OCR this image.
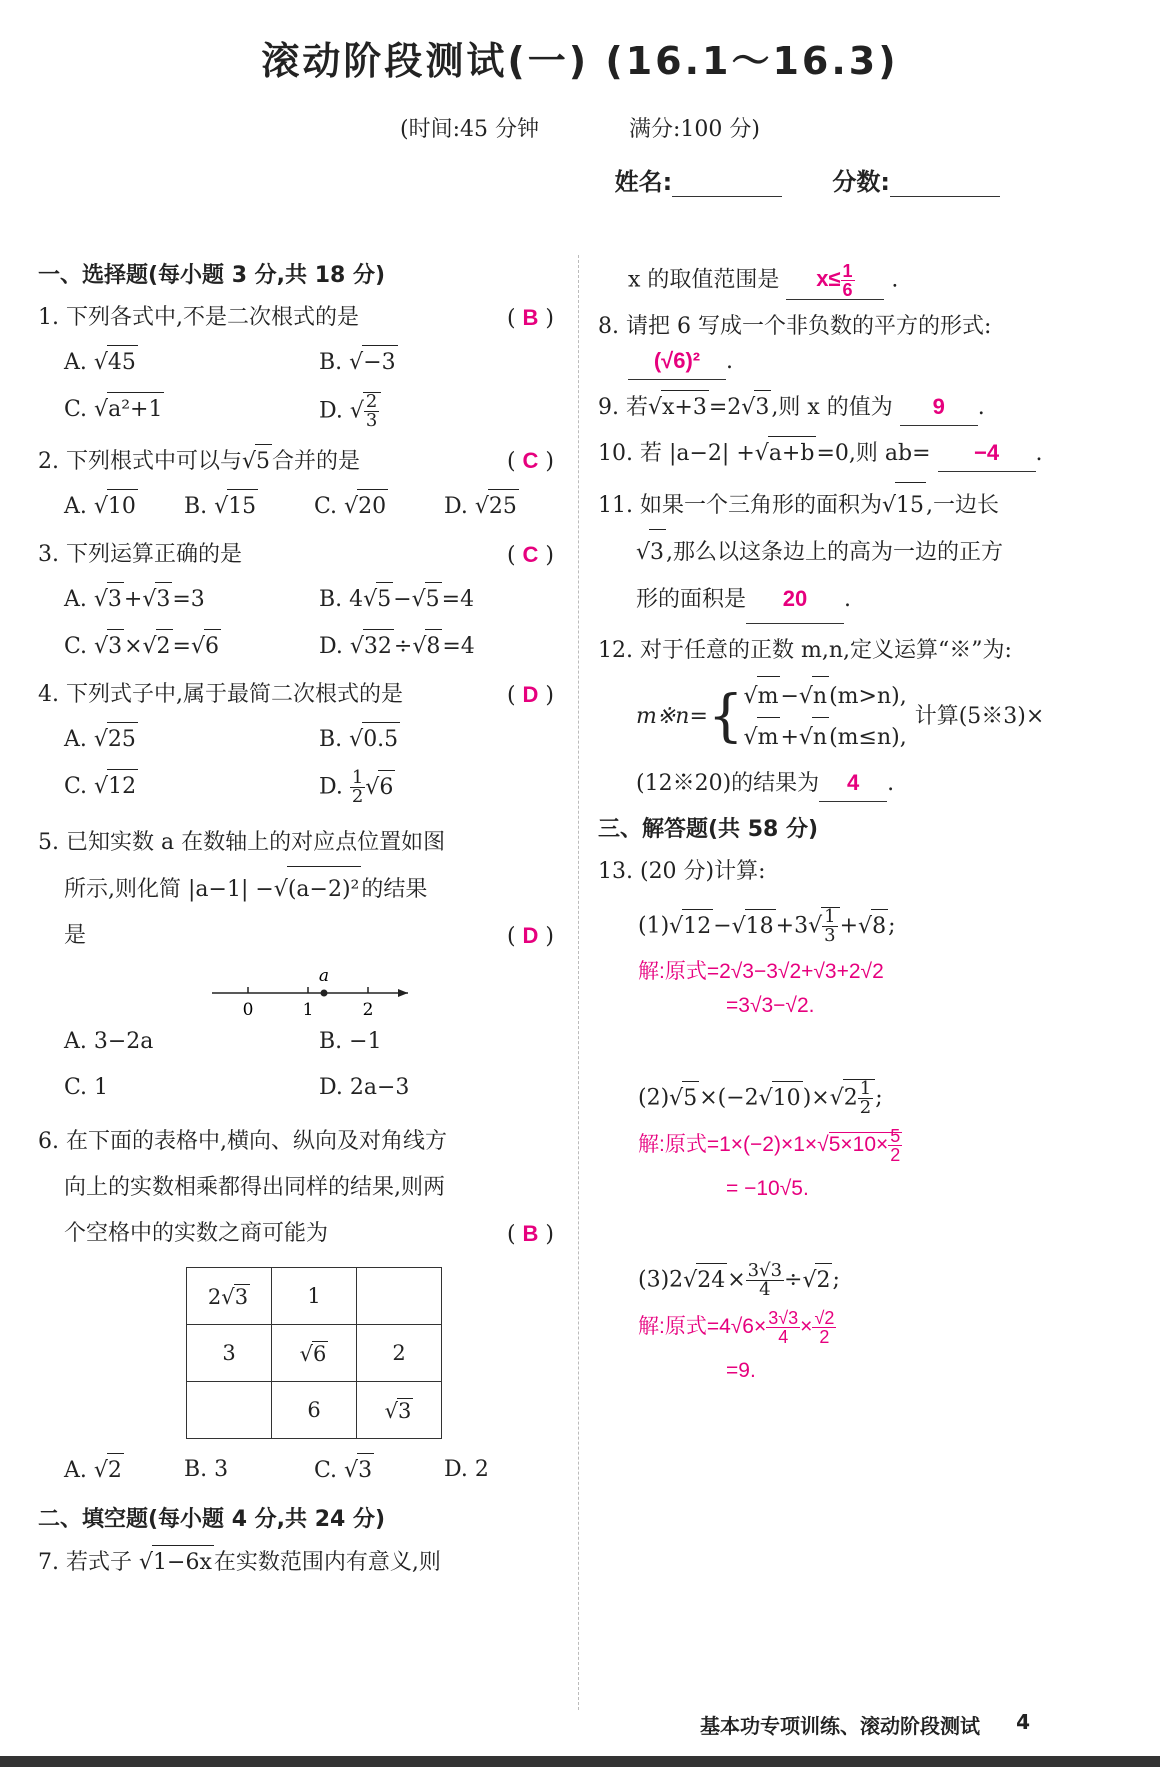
滚动阶段测试(一) (16.1～16.3)
(时间:45 分钟	满分:100 分)
姓名:	分数:
一、选择题(每小题 3 分,共 18 分)
1. 下列各式中,不是二次根式的是	( B )
A. √45	B. √−3
C. √a²+1	D. √ $\frac{2}{3}$
2. 下列根式中可以与√5合并的是	( C )
A. √10	B. √15	C. √20	D. √25
3. 下列运算正确的是	( C )
A. √3+√3=3	B. 4√5−√5=4
C. √3×√2=√6	D. √32÷√8=4
4. 下列式子中,属于最简二次根式的是	( D )
A. √25	B. √0.5
C. √12	D. $\frac{1}{2} √6$
5. 已知实数 a 在数轴上的对应点位置如图
所示,则化简 |a−1| −√(a−2)²的结果
是	( D )
a
0	1	2
A. 3−2a	B. −1
C. 1	D. 2a−3
6. 在下面的表格中,横向、纵向及对角线方
向上的实数相乘都得出同样的结果,则两
个空格中的实数之商可能为	( B )
2√3	1	
3	√6	2
	6	√3
A. √2	B. 3	C. √3	D. 2
二、填空题(每小题 4 分,共 24 分)
7. 若式子 √1−6x在实数范围内有意义,则
x 的取值范围是 $x\le \frac{1}{6}$ .
8. 请把 6 写成一个非负数的平方的形式:
(√6)² .
9. 若√x+3=2√3,则 x 的值为 9 .
10. 若 |a−2| +√a+b=0,则 ab= −4 .
11. 如果一个三角形的面积为√15,一边长
√3,那么以这条边上的高为一边的正方
形的面积是 20 .
12. 对于任意的正数 m,n,定义运算“※”为:
m※n= { √m−√n(m>n),
√m+√n(m≤n),
计算(5※3)×
(12※20)的结果为 4 .
三、解答题(共 58 分)
13. (20 分)计算:
$(1)√12-√18+3√ \frac{1}{3} +√8$;
解:原式=2√3−3√2+√3+2√2
=3√3−√2.
$(2)√5\times(-2√10)\times√2 \frac{1}{2}$ ;
解:原式$=1\times(-2)\times 1\times√5\times 10\times \frac{5}{2}$
= −10√5.
$(3)2√24\times \frac{3√3}{4} \div√2$;
解:原式$=4√6\times \frac{3√3}{4} \times \frac{√2}{2}$
=9.
基本功专项训练、滚动阶段测试 4
